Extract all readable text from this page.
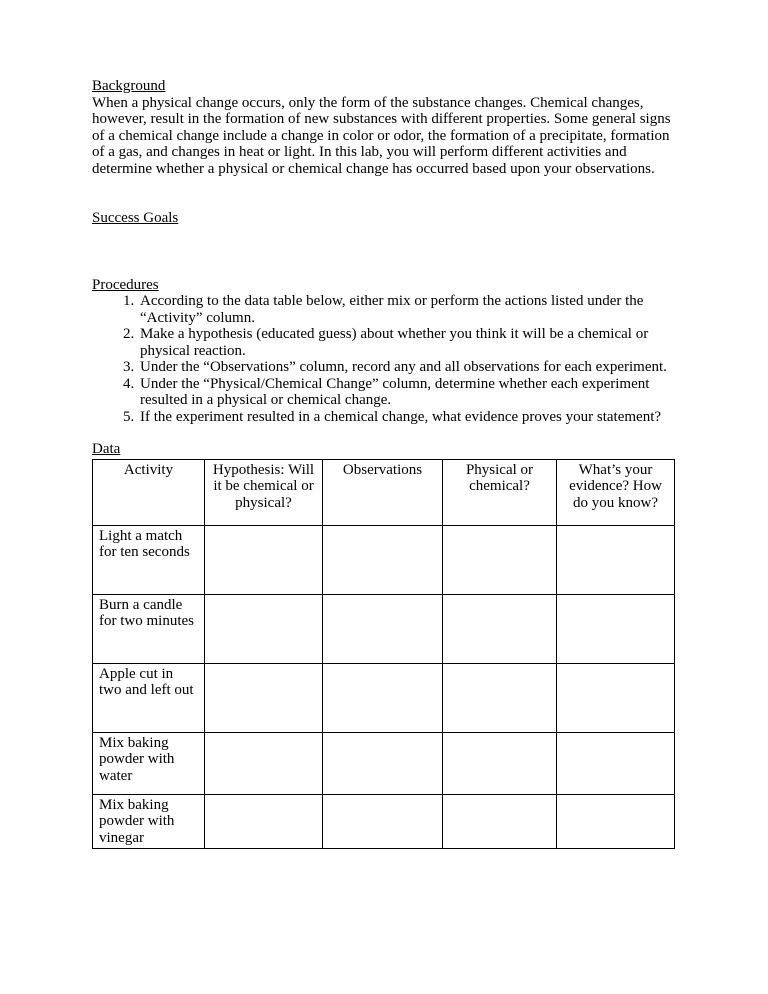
Background

When a physical change occurs, only the form of the substance changes. Chemical changes, however, result in the formation of new substances with different properties. Some general signs of a chemical change include a change in color or odor, the formation of a precipitate, formation of a gas, and changes in heat or light. In this lab, you will perform different activities and determine whether a physical or chemical change has occurred based upon your observations.

Success Goals
Procedures
1. According to the data table below, either mix or perform the actions listed under the “Activity” column.
2. Make a hypothesis (educated guess) about whether you think it will be a chemical or physical reaction.
3. Under the “Observations” column, record any and all observations for each experiment.
4. Under the “Physical/Chemical Change” column, determine whether each experiment resulted in a physical or chemical change.
5. If the experiment resulted in a chemical change, what evidence proves your statement?
Data
Activity	Hypothesis: Will it be chemical or physical?	Observations	Physical or chemical?	What’s your evidence? How do you know?
Light a match for ten seconds				
Burn a candle for two minutes				
Apple cut in two and left out				
Mix baking powder with water				
Mix baking powder with vinegar				
